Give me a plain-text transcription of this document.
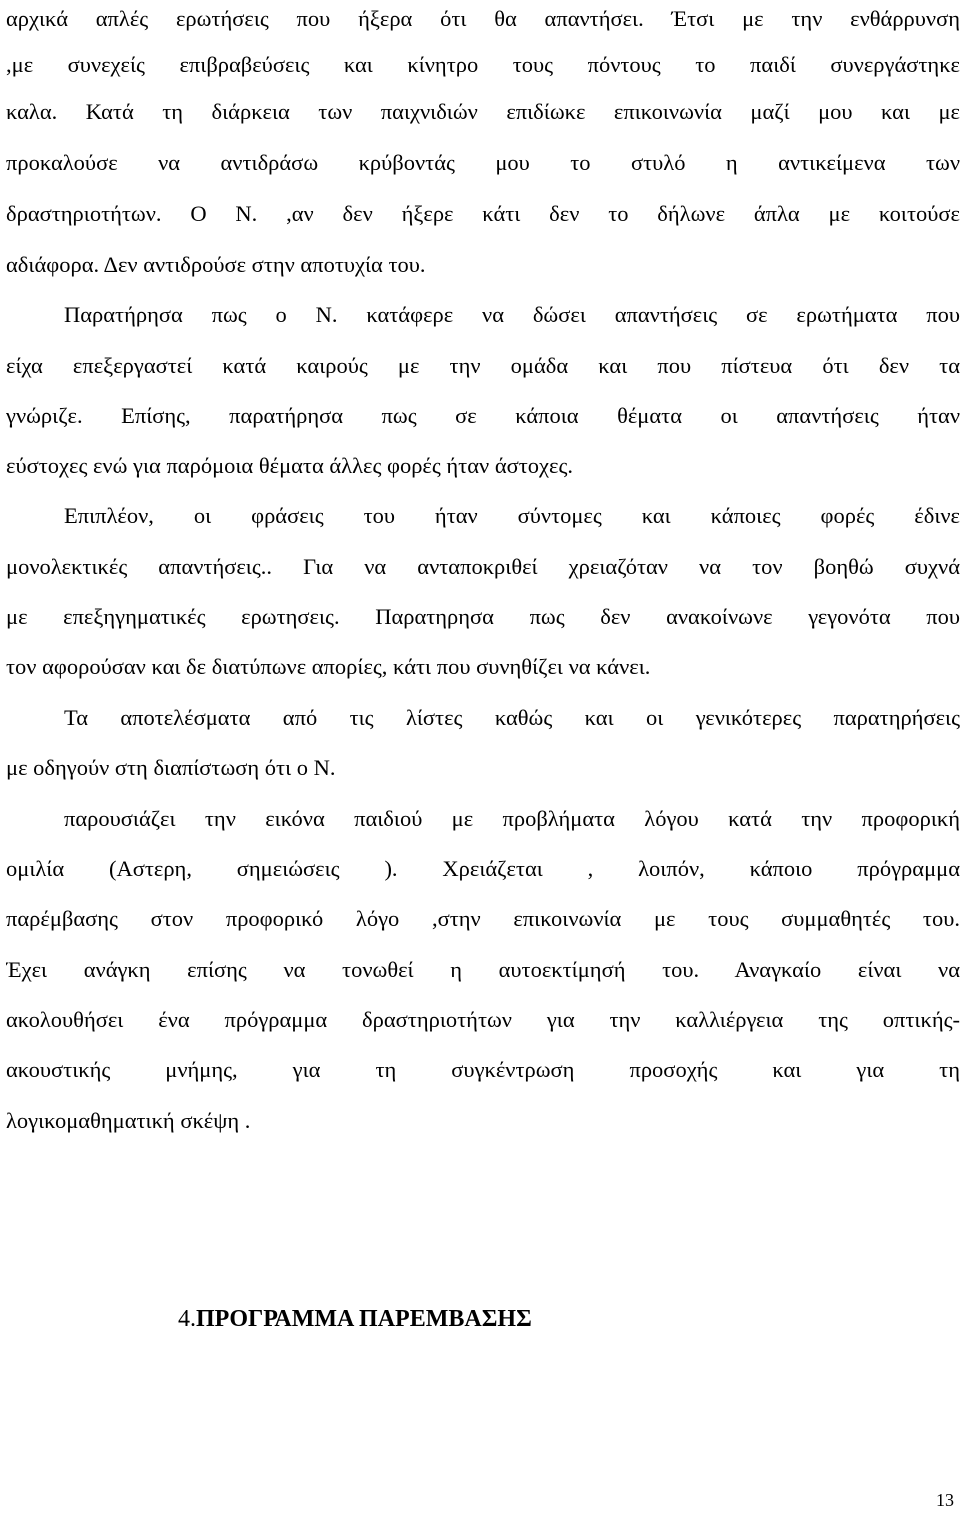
αρχικά απλές ερωτήσεις που ήξερα ότι θα απαντήσει. Έτσι με την ενθάρρυνση
,με συνεχείς επιβραβεύσεις και κίνητρο τους πόντους το παιδί συνεργάστηκε
καλα. Κατά τη διάρκεια των παιχνιδιών επιδίωκε επικοινωνία μαζί μου και με
προκαλούσε να αντιδράσω κρύβοντάς μου το στυλό η αντικείμενα των
δραστηριοτήτων. Ο Ν. ,αν δεν ήξερε κάτι δεν το δήλωνε άπλα με κοιτούσε
αδιάφορα. Δεν αντιδρούσε στην αποτυχία του.
Παρατήρησα πως ο Ν. κατάφερε να δώσει απαντήσεις σε ερωτήματα που
είχα επεξεργαστεί κατά καιρούς με την ομάδα και που πίστευα ότι δεν τα
γνώριζε. Επίσης, παρατήρησα πως σε κάποια θέματα οι απαντήσεις ήταν
εύστοχες ενώ για παρόμοια θέματα άλλες φορές ήταν άστοχες.
Επιπλέον, οι φράσεις του ήταν σύντομες και κάποιες φορές έδινε
μονολεκτικές απαντήσεις.. Για να ανταποκριθεί χρειαζόταν να τον βοηθώ συχνά
με επεξηγηματικές ερωτησεις. Παρατηρησα πως δεν ανακοίνωνε γεγονότα που
τον αφορούσαν και δε διατύπωνε απορίες, κάτι που συνηθίζει να κάνει.
Τα αποτελέσματα από τις λίστες καθώς και οι γενικότερες παρατηρήσεις
με οδηγούν στη διαπίστωση ότι ο Ν.
παρουσιάζει την εικόνα παιδιού με προβλήματα λόγου κατά την προφορική
ομιλία (Αστερη, σημειώσεις ). Χρειάζεται , λοιπόν, κάποιο πρόγραμμα
παρέμβασης στον προφορικό λόγο ,στην επικοινωνία με τους συμμαθητές του.
Έχει ανάγκη επίσης να τονωθεί η αυτοεκτίμησή του. Αναγκαίο είναι να
ακολουθήσει ένα πρόγραμμα δραστηριοτήτων για την καλλιέργεια της οπτικής-
ακουστικής μνήμης, για τη συγκέντρωση προσοχής και για τη
λογικομαθηματική σκέψη .
4.ΠΡΟΓΡΑΜΜΑ ΠΑΡΕΜΒΑΣΗΣ
13
